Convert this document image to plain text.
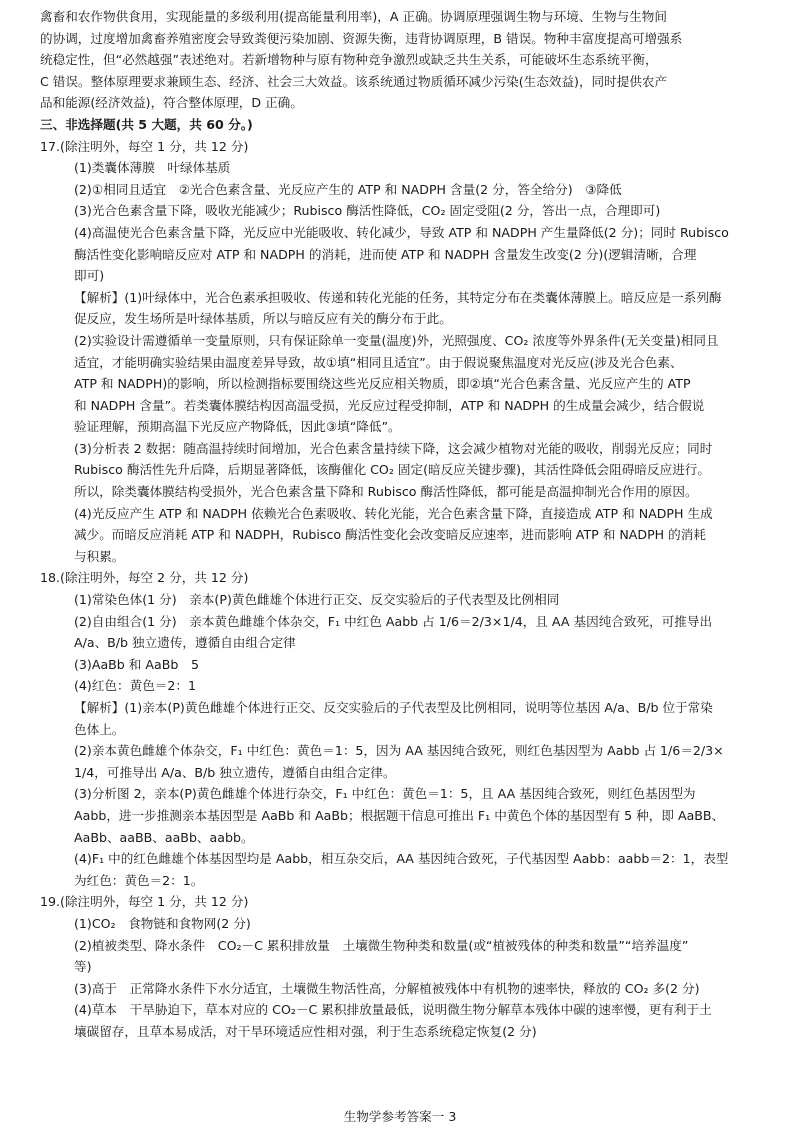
禽畜和农作物供食用，实现能量的多级利用(提高能量利用率)，A 正确。协调原理强调生物与环境、生物与生物间

的协调，过度增加禽畜养殖密度会导致粪便污染加剧、资源失衡，违背协调原理，B 错误。物种丰富度提高可增强系

统稳定性，但“必然越强”表述绝对。若新增物种与原有物种竞争激烈或缺乏共生关系，可能破坏生态系统平衡，

C 错误。整体原理要求兼顾生态、经济、社会三大效益。该系统通过物质循环减少污染(生态效益)，同时提供农产

品和能源(经济效益)，符合整体原理，D 正确。

三、非选择题(共 5 大题，共 60 分。)

17.(除注明外，每空 1 分，共 12 分)

(1)类囊体薄膜　叶绿体基质

(2)①相同且适宜　②光合色素含量、光反应产生的 ATP 和 NADPH 含量(2 分，答全给分)　③降低

(3)光合色素含量下降，吸收光能减少；Rubisco 酶活性降低，CO₂ 固定受阻(2 分，答出一点，合理即可)

(4)高温使光合色素含量下降，光反应中光能吸收、转化减少，导致 ATP 和 NADPH 产生量降低(2 分)；同时 Rubisco

酶活性变化影响暗反应对 ATP 和 NADPH 的消耗，进而使 ATP 和 NADPH 含量发生改变(2 分)(逻辑清晰，合理

即可)

【解析】(1)叶绿体中，光合色素承担吸收、传递和转化光能的任务，其特定分布在类囊体薄膜上。暗反应是一系列酶

促反应，发生场所是叶绿体基质，所以与暗反应有关的酶分布于此。

(2)实验设计需遵循单一变量原则，只有保证除单一变量(温度)外，光照强度、CO₂ 浓度等外界条件(无关变量)相同且

适宜，才能明确实验结果由温度差异导致，故①填“相同且适宜”。由于假说聚焦温度对光反应(涉及光合色素、

ATP 和 NADPH)的影响，所以检测指标要围绕这些光反应相关物质，即②填“光合色素含量、光反应产生的 ATP

和 NADPH 含量”。若类囊体膜结构因高温受损，光反应过程受抑制，ATP 和 NADPH 的生成量会减少，结合假说

验证理解，预期高温下光反应产物降低，因此③填“降低”。

(3)分析表 2 数据：随高温持续时间增加，光合色素含量持续下降，这会减少植物对光能的吸收，削弱光反应；同时

Rubisco 酶活性先升后降，后期显著降低，该酶催化 CO₂ 固定(暗反应关键步骤)，其活性降低会阻碍暗反应进行。

所以，除类囊体膜结构受损外，光合色素含量下降和 Rubisco 酶活性降低，都可能是高温抑制光合作用的原因。

(4)光反应产生 ATP 和 NADPH 依赖光合色素吸收、转化光能，光合色素含量下降，直接造成 ATP 和 NADPH 生成

减少。而暗反应消耗 ATP 和 NADPH，Rubisco 酶活性变化会改变暗反应速率，进而影响 ATP 和 NADPH 的消耗

与积累。

18.(除注明外，每空 2 分，共 12 分)

(1)常染色体(1 分)　亲本(P)黄色雌雄个体进行正交、反交实验后的子代表型及比例相同

(2)自由组合(1 分)　亲本黄色雌雄个体杂交，F₁ 中红色 Aabb 占 1/6＝2/3×1/4，且 AA 基因纯合致死，可推导出

A/a、B/b 独立遗传，遵循自由组合定律

(3)AaBb 和 AaBb　5

(4)红色：黄色＝2：1

【解析】(1)亲本(P)黄色雌雄个体进行正交、反交实验后的子代表型及比例相同，说明等位基因 A/a、B/b 位于常染

色体上。

(2)亲本黄色雌雄个体杂交，F₁ 中红色：黄色＝1：5，因为 AA 基因纯合致死，则红色基因型为 Aabb 占 1/6＝2/3×

1/4，可推导出 A/a、B/b 独立遗传，遵循自由组合定律。

(3)分析图 2，亲本(P)黄色雌雄个体进行杂交，F₁ 中红色：黄色＝1：5，且 AA 基因纯合致死，则红色基因型为

Aabb，进一步推测亲本基因型是 AaBb 和 AaBb；根据题干信息可推出 F₁ 中黄色个体的基因型有 5 种，即 AaBB、

AaBb、aaBB、aaBb、aabb。

(4)F₁ 中的红色雌雄个体基因型均是 Aabb，相互杂交后，AA 基因纯合致死，子代基因型 Aabb：aabb＝2：1，表型

为红色：黄色＝2：1。

19.(除注明外，每空 1 分，共 12 分)

(1)CO₂　食物链和食物网(2 分)

(2)植被类型、降水条件　CO₂－C 累积排放量　土壤微生物种类和数量(或“植被残体的种类和数量”“培养温度”

等)

(3)高于　正常降水条件下水分适宜，土壤微生物活性高，分解植被残体中有机物的速率快，释放的 CO₂ 多(2 分)

(4)草本　干旱胁迫下，草本对应的 CO₂－C 累积排放量最低，说明微生物分解草本残体中碳的速率慢，更有利于土

壤碳留存，且草本易成活，对干旱环境适应性相对强，利于生态系统稳定恢复(2 分)

生物学参考答案一 3
